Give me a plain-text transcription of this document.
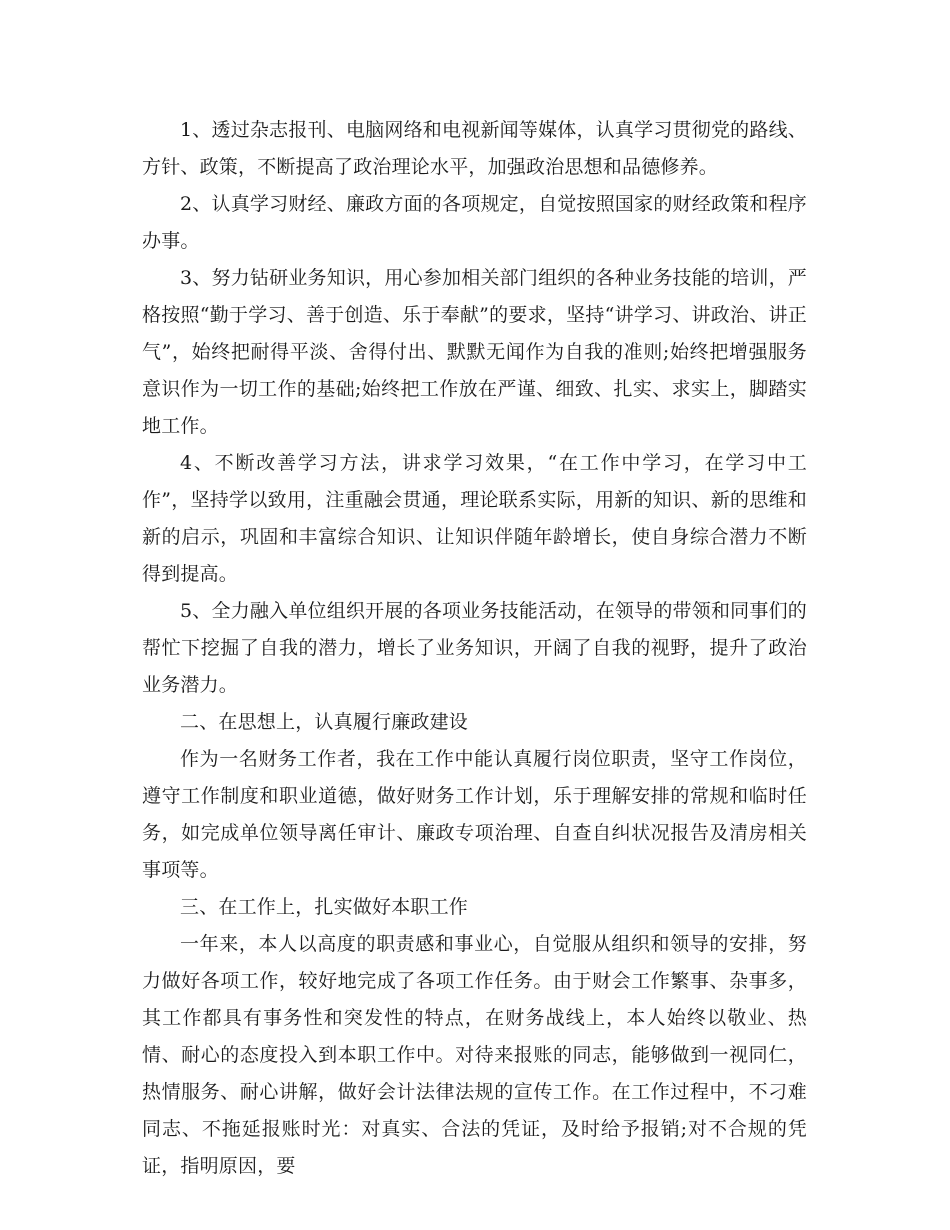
1、透过杂志报刊、电脑网络和电视新闻等媒体，认真学习贯彻党的路线、方针、政策，不断提高了政治理论水平，加强政治思想和品德修养。

2、认真学习财经、廉政方面的各项规定，自觉按照国家的财经政策和程序办事。

3、努力钻研业务知识，用心参加相关部门组织的各种业务技能的培训，严格按照“勤于学习、善于创造、乐于奉献”的要求，坚持“讲学习、讲政治、讲正气”，始终把耐得平淡、舍得付出、默默无闻作为自我的准则;始终把增强服务意识作为一切工作的基础;始终把工作放在严谨、细致、扎实、求实上，脚踏实地工作。

4、不断改善学习方法，讲求学习效果，“在工作中学习，在学习中工作”，坚持学以致用，注重融会贯通，理论联系实际，用新的知识、新的思维和新的启示，巩固和丰富综合知识、让知识伴随年龄增长，使自身综合潜力不断得到提高。

5、全力融入单位组织开展的各项业务技能活动，在领导的带领和同事们的帮忙下挖掘了自我的潜力，增长了业务知识，开阔了自我的视野，提升了政治业务潜力。

二、在思想上，认真履行廉政建设

作为一名财务工作者，我在工作中能认真履行岗位职责，坚守工作岗位，遵守工作制度和职业道德，做好财务工作计划，乐于理解安排的常规和临时任务，如完成单位领导离任审计、廉政专项治理、自查自纠状况报告及清房相关事项等。

三、在工作上，扎实做好本职工作

一年来，本人以高度的职责感和事业心，自觉服从组织和领导的安排，努力做好各项工作，较好地完成了各项工作任务。由于财会工作繁事、杂事多，其工作都具有事务性和突发性的特点，在财务战线上，本人始终以敬业、热情、耐心的态度投入到本职工作中。对待来报账的同志，能够做到一视同仁，热情服务、耐心讲解，做好会计法律法规的宣传工作。在工作过程中，不刁难同志、不拖延报账时光：对真实、合法的凭证，及时给予报销;对不合规的凭证，指明原因，要
